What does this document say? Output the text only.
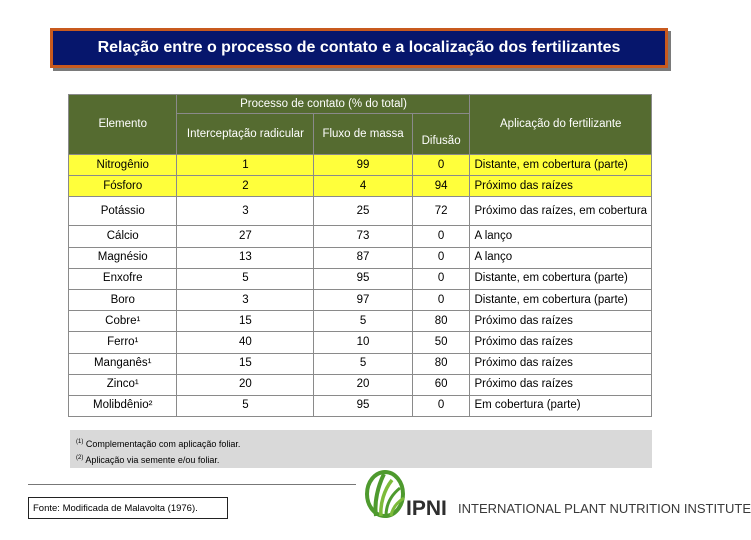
Relação entre o processo de contato e a localização dos fertilizantes
Elemento	Processo de contato (% do total)			Aplicação do fertilizante
	Interceptação radicular	Fluxo de massa	Difusão	
Nitrogênio	1	99	0	Distante, em cobertura (parte)
Fósforo	2	4	94	Próximo das raízes
Potássio	3	25	72	Próximo das raízes, em cobertura
Cálcio	27	73	0	A lanço
Magnésio	13	87	0	A lanço
Enxofre	5	95	0	Distante, em cobertura (parte)
Boro	3	97	0	Distante, em cobertura (parte)
Cobre¹	15	5	80	Próximo das raízes
Ferro¹	40	10	50	Próximo das raízes
Manganês¹	15	5	80	Próximo das raízes
Zinco¹	20	20	60	Próximo das raízes
Molibdênio²	5	95	0	Em cobertura (parte)
$^{(1)}$ Complementação com aplicação foliar.
$^{(2)}$ Aplicação via semente e/ou foliar.
Fonte: Modificada de Malavolta (1976).	IPNI INTERNATIONAL PLANT NUTRITION INSTITUTE
